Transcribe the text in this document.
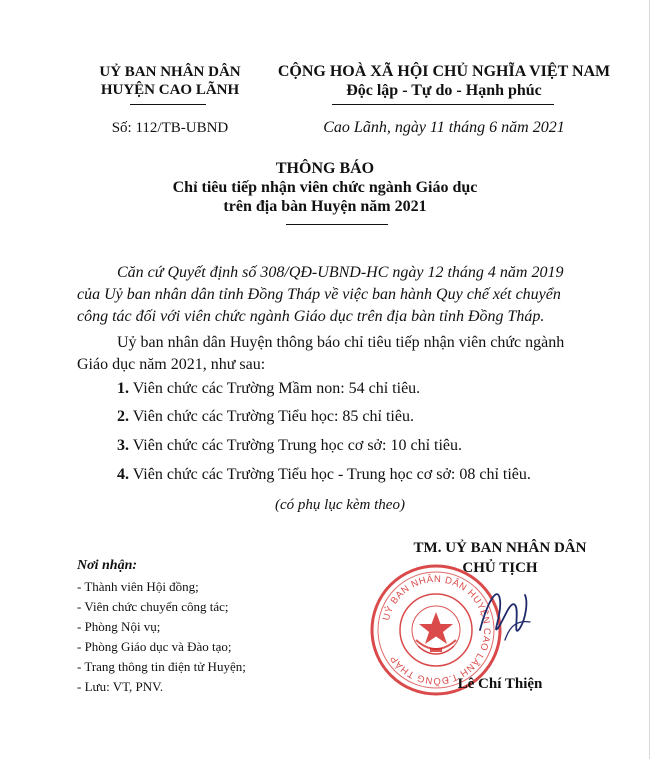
UỶ BAN NHÂN DÂN
HUYỆN CAO LÃNH
CỘNG HOÀ XÃ HỘI CHỦ NGHĨA VIỆT NAM
Độc lập - Tự do - Hạnh phúc
Số: 112/TB-UBND	Cao Lãnh, ngày 11 tháng 6 năm 2021
THÔNG BÁO
Chỉ tiêu tiếp nhận viên chức ngành Giáo dục
trên địa bàn Huyện năm 2021
Căn cứ Quyết định số 308/QĐ-UBND-HC ngày 12 tháng 4 năm 2019
của Uỷ ban nhân dân tỉnh Đồng Tháp về việc ban hành Quy chế xét chuyển
công tác đối với viên chức ngành Giáo dục trên địa bàn tỉnh Đồng Tháp.
Uỷ ban nhân dân Huyện thông báo chỉ tiêu tiếp nhận viên chức ngành
Giáo dục năm 2021, như sau:
1. Viên chức các Trường Mầm non: 54 chỉ tiêu.
2. Viên chức các Trường Tiểu học: 85 chỉ tiêu.
3. Viên chức các Trường Trung học cơ sở: 10 chỉ tiêu.
4. Viên chức các Trường Tiểu học - Trung học cơ sở: 08 chỉ tiêu.
(có phụ lục kèm theo)
Nơi nhận:
- Thành viên Hội đồng;
- Viên chức chuyển công tác;
- Phòng Nội vụ;
- Phòng Giáo dục và Đào tạo;
- Trang thông tin điện tử Huyện;
- Lưu: VT, PNV.
TM. UỶ BAN NHÂN DÂN
CHỦ TỊCH
UỶ BAN NHÂN DÂN HUYỆN CAO LÃNH T.ĐỒNG THÁP
Lê Chí Thiện
